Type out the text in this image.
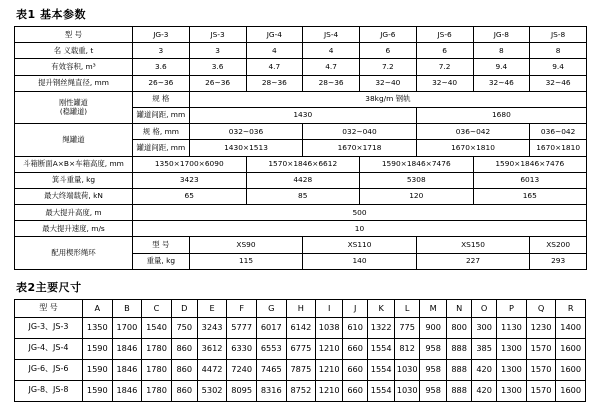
表1 基本参数
型 号	JG-3	JS-3	JG-4	JS-4	JG-6	JS-6	JG-8	JS-8
名 义载重, t	3	3	4	4	6	6	8	8
有效容积, m³	3.6	3.6	4.7	4.7	7.2	7.2	9.4	9.4
提升钢丝绳直径, mm	26~36	26~36	28~36	28~36	32~40	32~40	32~46	32~46

刚性罐道
(稳罐道)	规 格	38kg/m 钢轨						
	罐道间距, mm	1430				1680		
绳罐道	规 格, mm	032~036		032~040		036~042		036~042
	罐道间距, mm	1430×1513		1670×1718		1670×1810		1670×1810
斗箱断面A×B×车箱高度, mm	1350×1700×6090		1570×1846×6612		1590×1846×7476		1590×1846×7476	
箕斗重量, kg	3423		4428		5308		6013	
最大终端载荷, kN	65		85		120		165	
最大提升高度, m	500							
最大提升速度, m/s	10							
配用楔形绳环	型 号	XS90		XS110		XS150		XS200
	重量, kg	115		140		227		293
表2主要尺寸
型 号	A	B	C	D	E	F	G	H	I	J	K	L	M	N	O	P	Q	R
JG-3、JS-3	1350	1700	1540	750	3243	5777	6017	6142	1038	610	1322	775	900	800	300	1130	1230	1400
JG-4、JS-4	1590	1846	1780	860	3612	6330	6553	6775	1210	660	1554	812	958	888	385	1300	1570	1600
JG-6、JS-6	1590	1846	1780	860	4472	7240	7465	7875	1210	660	1554	1030	958	888	420	1300	1570	1600
JG-8、JS-8	1590	1846	1780	860	5302	8095	8316	8752	1210	660	1554	1030	958	888	420	1300	1570	1600
